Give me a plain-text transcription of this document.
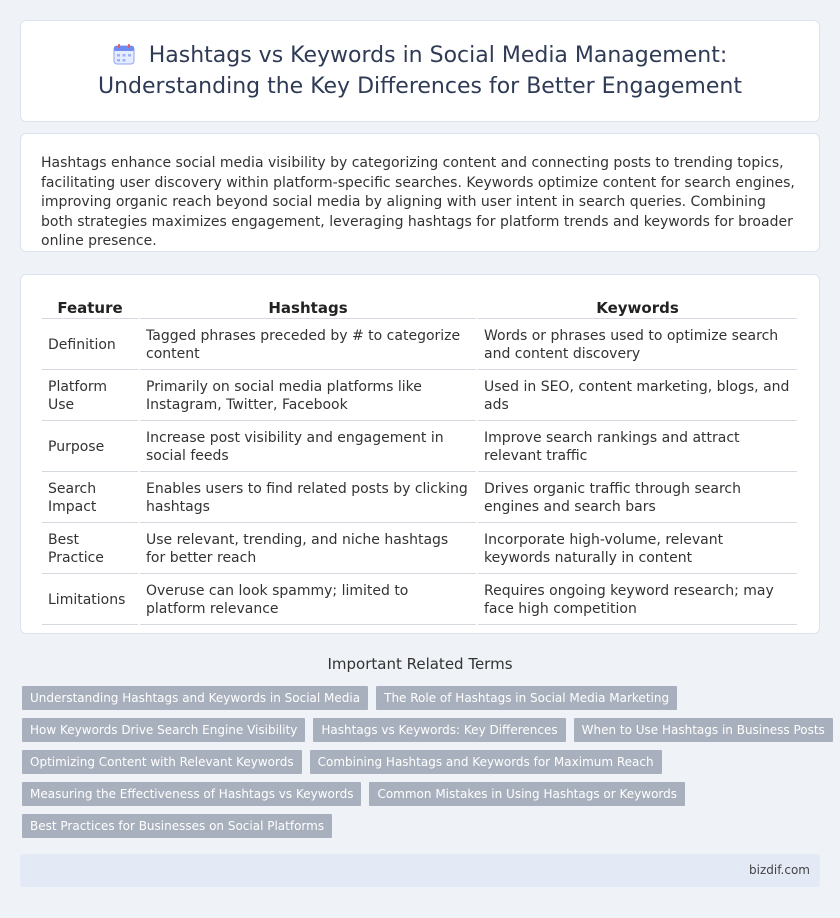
Hashtags vs Keywords in Social Media Management:
Understanding the Key Differences for Better Engagement

Hashtags enhance social media visibility by categorizing content and connecting posts to trending topics, facilitating user discovery within platform-specific searches. Keywords optimize content for search engines, improving organic reach beyond social media by aligning with user intent in search queries. Combining both strategies maximizes engagement, leveraging hashtags for platform trends and keywords for broader online presence.

Feature	Hashtags	Keywords
Definition	Tagged phrases preceded by # to categorize content	Words or phrases used to optimize search and content discovery
Platform Use	Primarily on social media platforms like Instagram, Twitter, Facebook	Used in SEO, content marketing, blogs, and ads
Purpose	Increase post visibility and engagement in social feeds	Improve search rankings and attract relevant traffic
Search Impact	Enables users to find related posts by clicking hashtags	Drives organic traffic through search engines and search bars
Best Practice	Use relevant, trending, and niche hashtags for better reach	Incorporate high-volume, relevant keywords naturally in content
Limitations	Overuse can look spammy; limited to platform relevance	Requires ongoing keyword research; may face high competition
Important Related Terms
Understanding Hashtags and Keywords in Social Media	The Role of Hashtags in Social Media Marketing
How Keywords Drive Search Engine Visibility	Hashtags vs Keywords: Key Differences	When to Use Hashtags in Business Posts
Optimizing Content with Relevant Keywords	Combining Hashtags and Keywords for Maximum Reach
Measuring the Effectiveness of Hashtags vs Keywords	Common Mistakes in Using Hashtags or Keywords
Best Practices for Businesses on Social Platforms
bizdif.com
